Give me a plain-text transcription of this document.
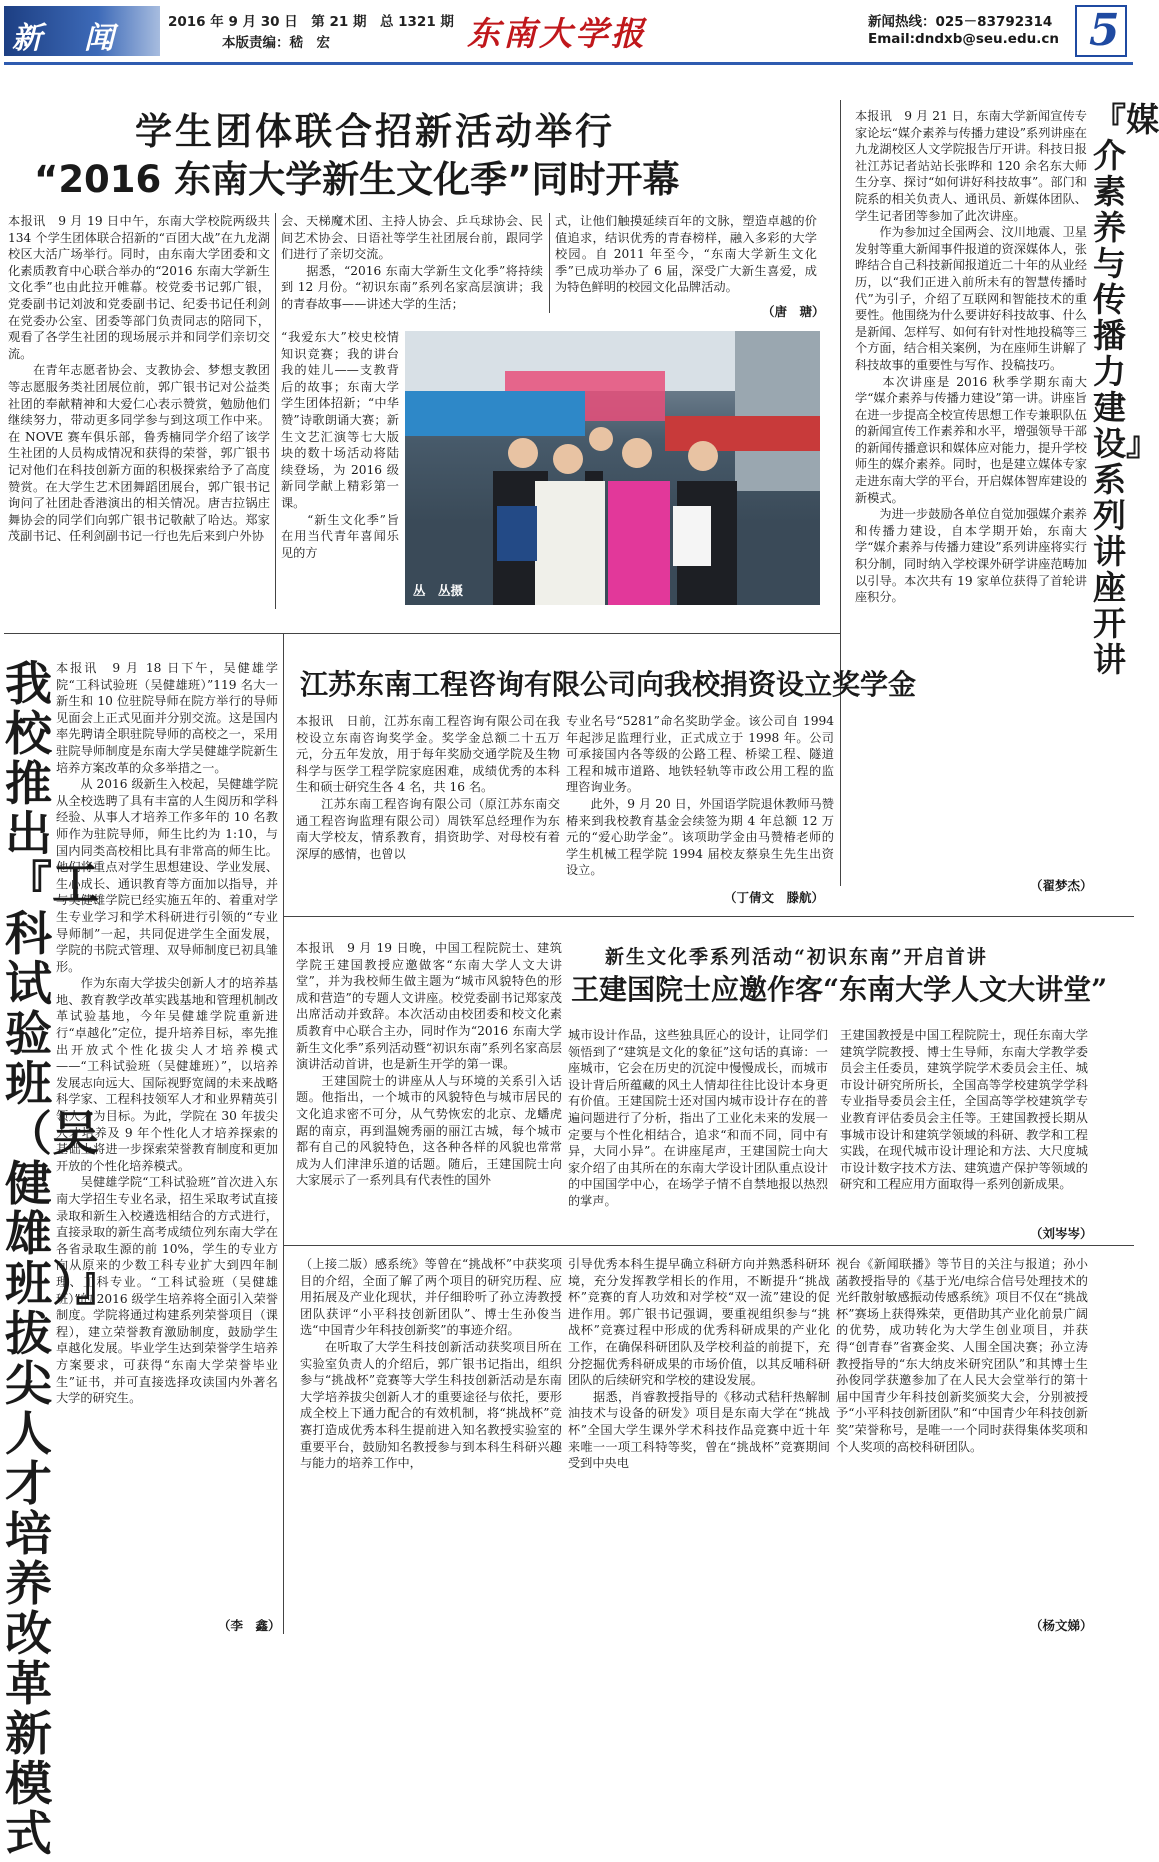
新　闻	2016 年 9 月 30 日　第 21 期　总 1321 期
本版责编：嵇　宏	东南大学报	新闻热线：025－83792314
Email:dndxb@seu.edu.cn 5
学生团体联合招新活动举行
“2016 东南大学新生文化季”同时开幕
本报讯　9 月 19 日中午，东南大学校院两级共 134 个学生团体联合招新的“百团大战”在九龙湖校区大活广场举行。同时，由东南大学团委和文化素质教育中心联合举办的“2016 东南大学新生文化季”也由此拉开帷幕。校党委书记郭广银，党委副书记刘波和党委副书记、纪委书记任利剑在党委办公室、团委等部门负责同志的陪同下，观看了各学生社团的现场展示并和同学们亲切交流。
　　在青年志愿者协会、支教协会、梦想支教团等志愿服务类社团展位前，郭广银书记对公益类社团的奉献精神和大爱仁心表示赞赏，勉励他们继续努力，带动更多同学参与到这项工作中来。在 NOVE 赛车俱乐部，鲁秀楠同学介绍了该学生社团的人员构成情况和获得的荣誉，郭广银书记对他们在科技创新方面的积极探索给予了高度赞赏。在大学生艺术团舞蹈团展台，郭广银书记询问了社团赴香港演出的相关情况。唐吉拉锅庄舞协会的同学们向郭广银书记敬献了哈达。郑家茂副书记、任利剑副书记一行也先后来到户外协
会、天梯魔术团、主持人协会、乒乓球协会、民间艺术协会、日语社等学生社团展台前，跟同学们进行了亲切交流。
　　据悉，“2016 东南大学新生文化季”将持续到 12 月份。“初识东南”系列名家高层演讲；我的青春故事——讲述大学的生活；
“我爱东大”校史校情知识竞赛；我的讲台我的娃儿——支教背后的故事；东南大学学生团体招新；“中华赞”诗歌朗诵大赛；新生文艺汇演等七大版块的数十场活动将陆续登场，为 2016 级新同学献上精彩第一课。
　　“新生文化季”旨在用当代青年喜闻乐见的方
式，让他们触摸延续百年的文脉，塑造卓越的价值追求，结识优秀的青春榜样，融入多彩的大学校园。自 2011 年至今，“东南大学新生文化季”已成功举办了 6 届，深受广大新生喜爱，成为特色鲜明的校园文化品牌活动。
（唐　瑭）
丛　丛摄
本报讯　9 月 21 日，东南大学新闻宣传专家论坛“媒介素养与传播力建设”系列讲座在九龙湖校区人文学院报告厅开讲。科技日报社江苏记者站站长张晔和 120 余名东大师生分享、探讨“如何讲好科技故事”。部门和院系的相关负责人、通讯员、新媒体团队、学生记者团等参加了此次讲座。
　　作为参加过全国两会、汶川地震、卫星发射等重大新闻事件报道的资深媒体人，张晔结合自己科技新闻报道近二十年的从业经历，以“我们正进入前所未有的智慧传播时代”为引子，介绍了互联网和智能技术的重要性。他围绕为什么要讲好科技故事、什么是新闻、怎样写、如何有针对性地投稿等三个方面，结合相关案例，为在座师生讲解了科技故事的重要性与写作、投稿技巧。
　　本次讲座是 2016 秋季学期东南大学“媒介素养与传播力建设”第一讲。讲座旨在进一步提高全校宣传思想工作专兼职队伍的新闻宣传工作素养和水平，增强领导干部的新闻传播意识和媒体应对能力，提升学校师生的媒介素养。同时，也是建立媒体专家走进东南大学的平台，开启媒体智库建设的新模式。
　　为进一步鼓励各单位自觉加强媒介素养和传播力建设，自本学期开始，东南大学“媒介素养与传播力建设”系列讲座将实行积分制，同时纳入学校课外研学讲座范畴加以引导。本次共有 19 家单位获得了首轮讲座积分。
（翟梦杰）
『媒介素养与传播力建设』系列讲座开讲
我校推出『工科试验班（吴健雄班）』拔尖人才培养改革新模式
本报讯　9 月 18 日下午，吴健雄学院“工科试验班（吴健雄班）”119 名大一新生和 10 位驻院导师在院方举行的导师见面会上正式见面并分别交流。这是国内率先聘请全职驻院导师的高校之一，采用驻院导师制度是东南大学吴健雄学院新生培养方案改革的众多举措之一。
　　从 2016 级新生入校起，吴健雄学院从全校选聘了具有丰富的人生阅历和学科经验、从事人才培养工作多年的 10 名教师作为驻院导师，师生比约为 1:10，与国内同类高校相比具有非常高的师生比。他们将重点对学生思想建设、学业发展、生心成长、通识教育等方面加以指导，并与吴健雄学院已经实施五年的、着重对学生专业学习和学术科研进行引领的“专业导师制”一起，共同促进学生全面发展，学院的书院式管理、双导师制度已初具雏形。
　　作为东南大学拔尖创新人才的培养基地、教育教学改革实践基地和管理机制改革试验基地，今年吴健雄学院重新进行“卓越化”定位，提升培养目标，率先推出开放式个性化拔尖人才培养模式——“工科试验班（吴健雄班）”，以培养发展志向远大、国际视野宽阔的未来战略科学家、工程科技领军人才和业界精英引领人才为目标。为此，学院在 30 年拔尖人才培养及 9 年个性化人才培养探索的基础上将进一步探索荣誉教育制度和更加开放的个性化培养模式。
　　吴健雄学院“工科试验班”首次进入东南大学招生专业名录，招生采取考试直接录取和新生入校遴选相结合的方式进行，直接录取的新生高考成绩位列东南大学在各省录取生源的前 10%，学生的专业方向从原来的少数工科专业扩大到四年制理、工科专业。“工科试验班（吴健雄班）”的 2016 级学生培养将全面引入荣誉制度。学院将通过构建系列荣誉项目（课程），建立荣誉教育激励制度，鼓励学生卓越化发展。毕业学生达到荣誉学生培养方案要求，可获得“东南大学荣誉毕业生”证书，并可直接选择攻读国内外著名大学的研究生。
（李　鑫）
江苏东南工程咨询有限公司向我校捐资设立奖学金
本报讯　日前，江苏东南工程咨询有限公司在我校设立东南咨询奖学金。奖学金总额二十五万元，分五年发放，用于每年奖励交通学院及生物科学与医学工程学院家庭困难，成绩优秀的本科生和硕士研究生各 4 名，共 16 名。
　　江苏东南工程咨询有限公司（原江苏东南交通工程咨询监理有限公司）周铁军总经理作为东南大学校友，情系教育，捐资助学、对母校有着深厚的感情，也曾以
专业名号“5281”命名奖助学金。该公司自 1994 年起涉足监理行业，正式成立于 1998 年。公司可承接国内各等级的公路工程、桥梁工程、隧道工程和城市道路、地铁轻轨等市政公用工程的监理咨询业务。
　　此外，9 月 20 日，外国语学院退休教师马赞椿来到我校教育基金会续签为期 4 年总额 12 万元的“爱心助学金”。该项助学金由马赞椿老师的学生机械工程学院 1994 届校友蔡泉生先生出资设立。
（丁倩文　滕航）
新生文化季系列活动“初识东南”开启首讲
王建国院士应邀作客“东南大学人文大讲堂”
本报讯　9 月 19 日晚，中国工程院院士、建筑学院王建国教授应邀做客“东南大学人文大讲堂”，并为我校师生做主题为“城市风貌特色的形成和营造”的专题人文讲座。校党委副书记郑家茂出席活动并致辞。本次活动由校团委和校文化素质教育中心联合主办，同时作为“2016 东南大学新生文化季”系列活动暨“初识东南”系列名家高层演讲活动首讲，也是新生开学的第一课。
　　王建国院士的讲座从人与环境的关系引入话题。他指出，一个城市的风貌特色与城市居民的文化追求密不可分，从气势恢宏的北京、龙蟠虎踞的南京，再到温婉秀丽的丽江古城，每个城市都有自己的风貌特色，这各种各样的风貌也常常成为人们津津乐道的话题。随后，王建国院士向大家展示了一系列具有代表性的国外
城市设计作品，这些独具匠心的设计，让同学们领悟到了“建筑是文化的象征”这句话的真谛：一座城市，它会在历史的沉淀中慢慢成长，而城市设计背后所蕴藏的风土人情却往往比设计本身更有价值。王建国院士还对国内城市设计存在的普遍问题进行了分析，指出了工业化未来的发展一定要与个性化相结合，追求“和而不同，同中有异，大同小异”。在讲座尾声，王建国院士向大家介绍了由其所在的东南大学设计团队重点设计的中国国学中心，在场学子情不自禁地报以热烈的掌声。
王建国教授是中国工程院院士，现任东南大学建筑学院教授、博士生导师，东南大学教学委员会主任委员，建筑学院学术委员会主任、城市设计研究所所长，全国高等学校建筑学学科专业指导委员会主任，全国高等学校建筑学专业教育评估委员会主任等。王建国教授长期从事城市设计和建筑学领域的科研、教学和工程实践，在现代城市设计理论和方法、大尺度城市设计数字技术方法、建筑遗产保护等领域的研究和工程应用方面取得一系列创新成果。
（刘岑岑）
（上接二版）感系统》等曾在“挑战杯”中获奖项目的介绍，全面了解了两个项目的研究历程、应用拓展及产业化现状，并仔细聆听了孙立涛教授团队获评“小平科技创新团队”、博士生孙俊当选“中国青少年科技创新奖”的事迹介绍。
　　在听取了大学生科技创新活动获奖项目所在实验室负责人的介绍后，郭广银书记指出，组织参与“挑战杯”竞赛等大学生科技创新活动是东南大学培养拔尖创新人才的重要途径与依托，要形成全校上下通力配合的有效机制，将“挑战杯”竞赛打造成优秀本科生提前进入知名教授实验室的重要平台，鼓励知名教授参与到本科生科研兴趣与能力的培养工作中，
引导优秀本科生提早确立科研方向并熟悉科研环境，充分发挥教学相长的作用，不断提升“挑战杯”竞赛的育人功效和对学校“双一流”建设的促进作用。郭广银书记强调，要重视组织参与“挑战杯”竞赛过程中形成的优秀科研成果的产业化工作，在确保科研团队及学校利益的前提下，充分挖掘优秀科研成果的市场价值，以其反哺科研团队的后续研究和学校的建设发展。
　　据悉，肖睿教授指导的《移动式秸秆热解制油技术与设备的研发》项目是东南大学在“挑战杯”全国大学生课外学术科技作品竞赛中近十年来唯一一项工科特等奖，曾在“挑战杯”竞赛期间受到中央电
视台《新闻联播》等节目的关注与报道；孙小菡教授指导的《基于光/电综合信号处理技术的光纤散射敏感振动传感系统》项目不仅在“挑战杯”赛场上获得殊荣，更借助其产业化前景广阔的优势，成功转化为大学生创业项目，并获得“创青春”省赛金奖、人围全国决赛；孙立涛教授指导的“东大纳皮米研究团队”和其博士生孙俊同学获邀参加了在人民大会堂举行的第十届中国青少年科技创新奖颁奖大会，分别被授予“小平科技创新团队”和“中国青少年科技创新奖”荣誉称号，是唯一一个同时获得集体奖项和个人奖项的高校科研团队。
（杨文娣）
